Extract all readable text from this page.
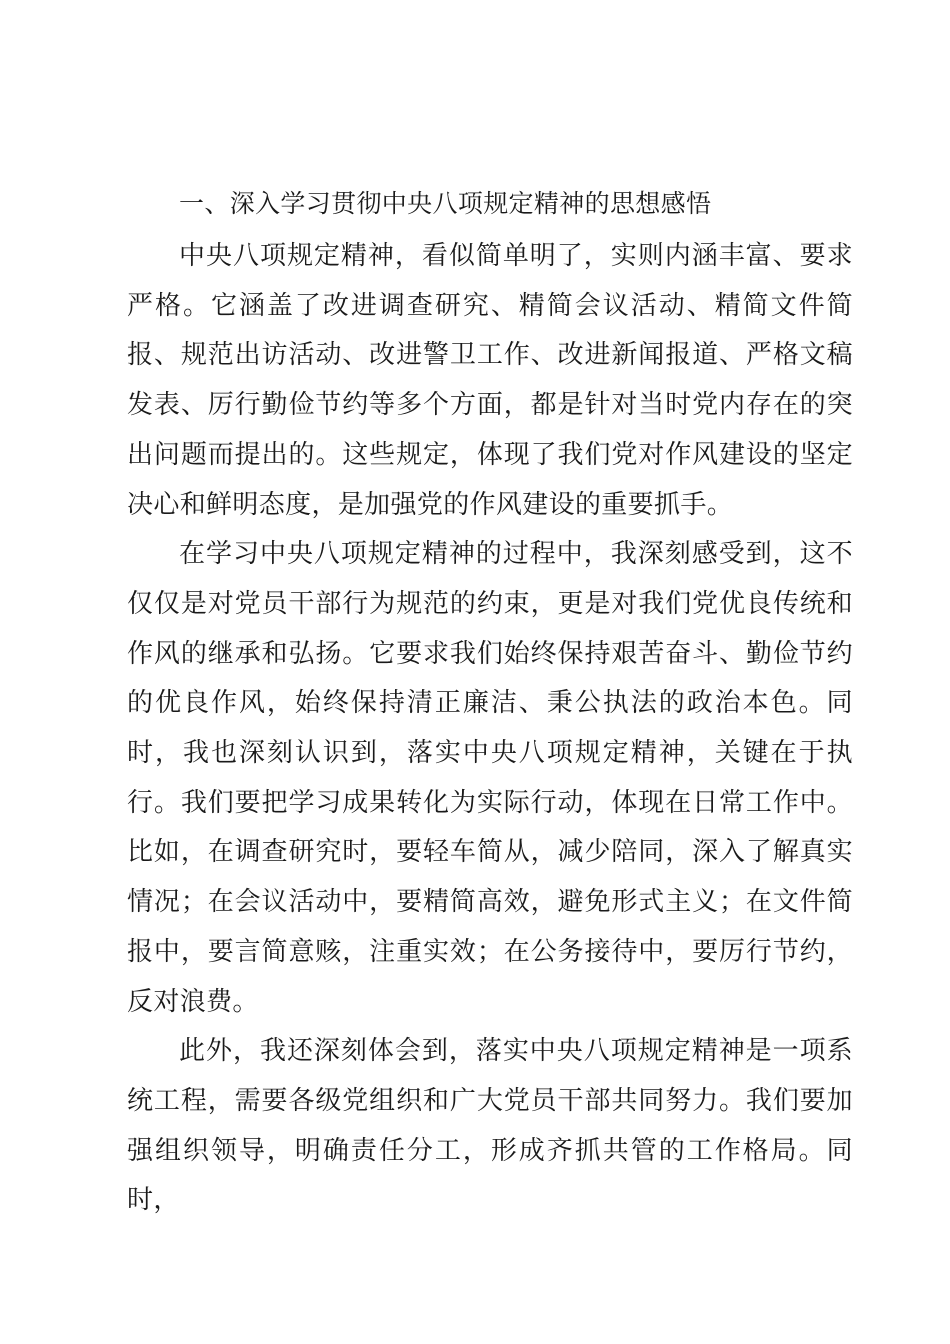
一、深入学习贯彻中央八项规定精神的思想感悟

中央八项规定精神，看似简单明了，实则内涵丰富、要求严格。它涵盖了改进调查研究、精简会议活动、精简文件简报、规范出访活动、改进警卫工作、改进新闻报道、严格文稿发表、厉行勤俭节约等多个方面，都是针对当时党内存在的突出问题而提出的。这些规定，体现了我们党对作风建设的坚定决心和鲜明态度，是加强党的作风建设的重要抓手。

在学习中央八项规定精神的过程中，我深刻感受到，这不仅仅是对党员干部行为规范的约束，更是对我们党优良传统和作风的继承和弘扬。它要求我们始终保持艰苦奋斗、勤俭节约的优良作风，始终保持清正廉洁、秉公执法的政治本色。同时，我也深刻认识到，落实中央八项规定精神，关键在于执行。我们要把学习成果转化为实际行动，体现在日常工作中。比如，在调查研究时，要轻车简从，减少陪同，深入了解真实情况；在会议活动中，要精简高效，避免形式主义；在文件简报中，要言简意赅，注重实效；在公务接待中，要厉行节约，反对浪费。

此外，我还深刻体会到，落实中央八项规定精神是一项系统工程，需要各级党组织和广大党员干部共同努力。我们要加强组织领导，明确责任分工，形成齐抓共管的工作格局。同时，
